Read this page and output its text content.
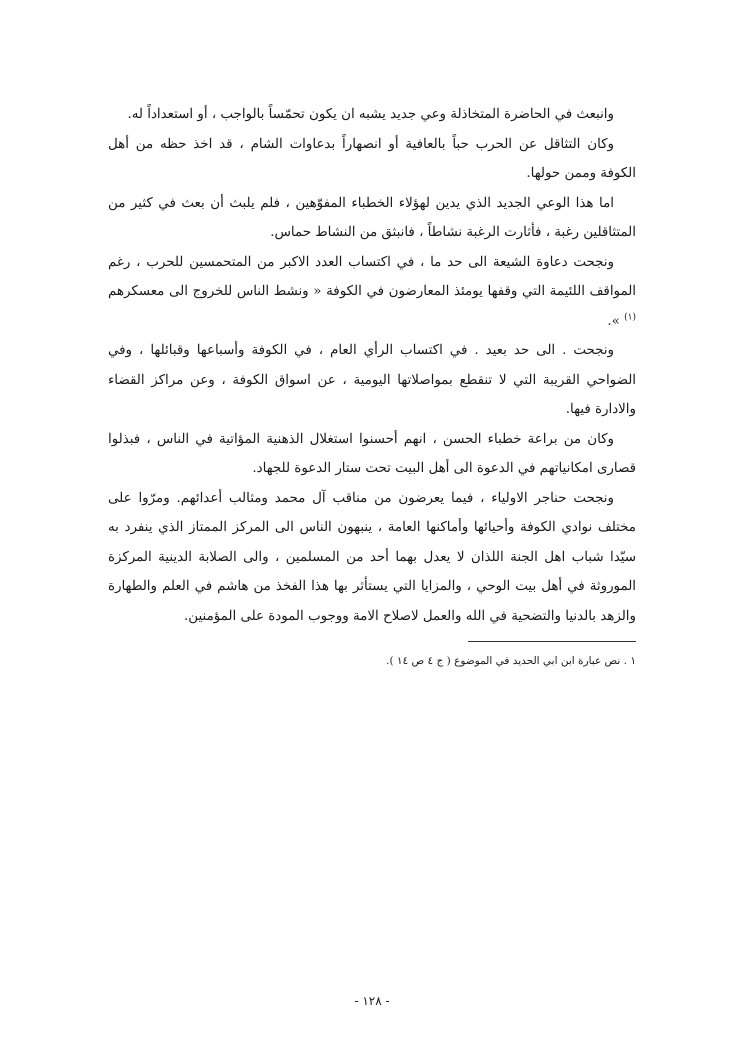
وانبعث في الحاضرة المتخاذلة وعي جديد يشبه ان يكون تحمّساً بالواجب ، أو استعداداً له.

وكان التثاقل عن الحرب حباً بالعافية أو انصهاراً بدعاوات الشام ، قد اخذ حظه من أهل الكوفة وممن حولها.

اما هذا الوعي الجديد الذي يدين لهؤلاء الخطباء المفوّهين ، فلم يلبث أن بعث في كثير من المتثاقلين رغبة ، فأثارت الرغبة نشاطاً ، فانبثق من النشاط حماس.

ونجحت دعاوة الشيعة الى حد ما ، في اكتساب العدد الاكبر من المتحمسين للحرب ، رغم المواقف اللئيمة التي وقفها يومئذ المعارضون في الكوفة « ونشط الناس للخروج الى معسكرهم $^{(١)}$ ».

ونجحت . الى حد بعيد . في اكتساب الرأي العام ، في الكوفة وأسباعها وقبائلها ، وفي الضواحي القريبة التي لا تنقطع بمواصلاتها اليومية ، عن اسواق الكوفة ، وعن مراكز القضاء والادارة فيها.

وكان من براعة خطباء الحسن ، انهم أحسنوا استغلال الذهنية المؤاتية في الناس ، فبذلوا قصارى امكانياتهم في الدعوة الى أهل البيت تحت ستار الدعوة للجهاد.

ونجحت حناجر الاولياء ، فيما يعرضون من مناقب آل محمد ومثالب أعدائهم. ومرّوا على مختلف نوادي الكوفة وأحيائها وأماكنها العامة ، ينبهون الناس الى المركز الممتاز الذي ينفرد به سيّدا شباب اهل الجنة اللذان لا يعدل بهما أحد من المسلمين ، والى الصلابة الدينية المركزة الموروثة في أهل بيت الوحي ، والمزايا التي يستأثر بها هذا الفخذ من هاشم في العلم والطهارة والزهد بالدنيا والتضحية في الله والعمل لاصلاح الامة ووجوب المودة على المؤمنين.

١ . نص عبارة ابن ابي الحديد في الموضوع ( ج ٤ ص ١٤ ).

- ١٢٨ -
